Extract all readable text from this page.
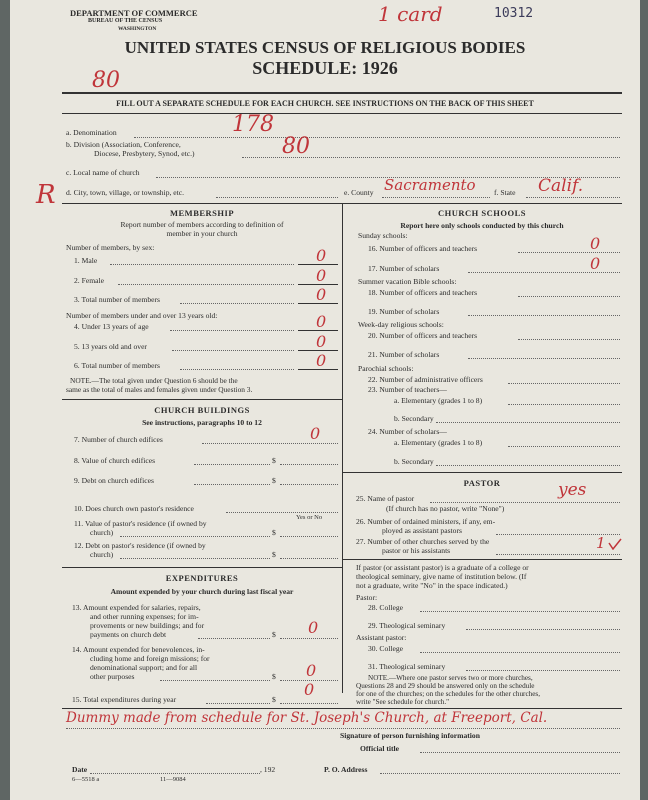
DEPARTMENT OF COMMERCE
BUREAU OF THE CENSUS
WASHINGTON
1 card	10312
UNITED STATES CENSUS OF RELIGIOUS BODIES
SCHEDULE: 1926
80
FILL OUT A SEPARATE SCHEDULE FOR EACH CHURCH. SEE INSTRUCTIONS ON THE BACK OF THIS SHEET
a. Denomination	178
b. Division (Association, Conference,
Diocese, Presbytery, Synod, etc.)	80
c. Local name of church
R d. City, town, village, or township, etc.	e. County Sacramento f. State Calif.
MEMBERSHIP
Report number of members according to definition of
member in your church
Number of members, by sex:
1. Male	0
2. Female	0
3. Total number of members	0
Number of members under and over 13 years old:
4. Under 13 years of age	0
5. 13 years old and over	0
6. Total number of members	0
NOTE.—The total given under Question 6 should be the
same as the total of males and females given under Question 3.
CHURCH BUILDINGS
See instructions, paragraphs 10 to 12
7. Number of church edifices	0
8. Value of church edifices	$
9. Debt on church edifices	$
10. Does church own pastor's residence
Yes or No
11. Value of pastor's residence (if owned by
church)	$
12. Debt on pastor's residence (if owned by
church)	$
EXPENDITURES
Amount expended by your church during last fiscal year
13. Amount expended for salaries, repairs,
and other running expenses; for im-
provements or new buildings; and for
payments on church debt	$ 0
14. Amount expended for benevolences, in-
cluding home and foreign missions; for
denominational support; and for all
other purposes	$ 0
15. Total expenditures during year	$
0
CHURCH SCHOOLS
Report here only schools conducted by this church
Sunday schools:
16. Number of officers and teachers	0
17. Number of scholars	0
Summer vacation Bible schools:
18. Number of officers and teachers
19. Number of scholars
Week-day religious schools:
20. Number of officers and teachers
21. Number of scholars
Parochial schools:
22. Number of administrative officers
23. Number of teachers—
a. Elementary (grades 1 to 8)
b. Secondary
24. Number of scholars—
a. Elementary (grades 1 to 8)
b. Secondary
PASTOR
25. Name of pastor
(If church has no pastor, write "None")
yes
26. Number of ordained ministers, if any, em-
ployed as assistant pastors
27. Number of other churches served by the
pastor or his assistants	1
If pastor (or assistant pastor) is a graduate of a college or
theological seminary, give name of institution below. (If
not a graduate, write "No" in the space indicated.)
Pastor:
28. College
29. Theological seminary
Assistant pastor:
30. College
31. Theological seminary
NOTE.—Where one pastor serves two or more churches,
Questions 28 and 29 should be answered only on the schedule
for one of the churches; on the schedules for the other churches,
write "See schedule for church."
Dummy made from schedule for St. Joseph's Church, at Freeport, Cal.
Signature of person furnishing information
Official title
Date	, 192	P. O. Address
6—5518 a	11—9084
